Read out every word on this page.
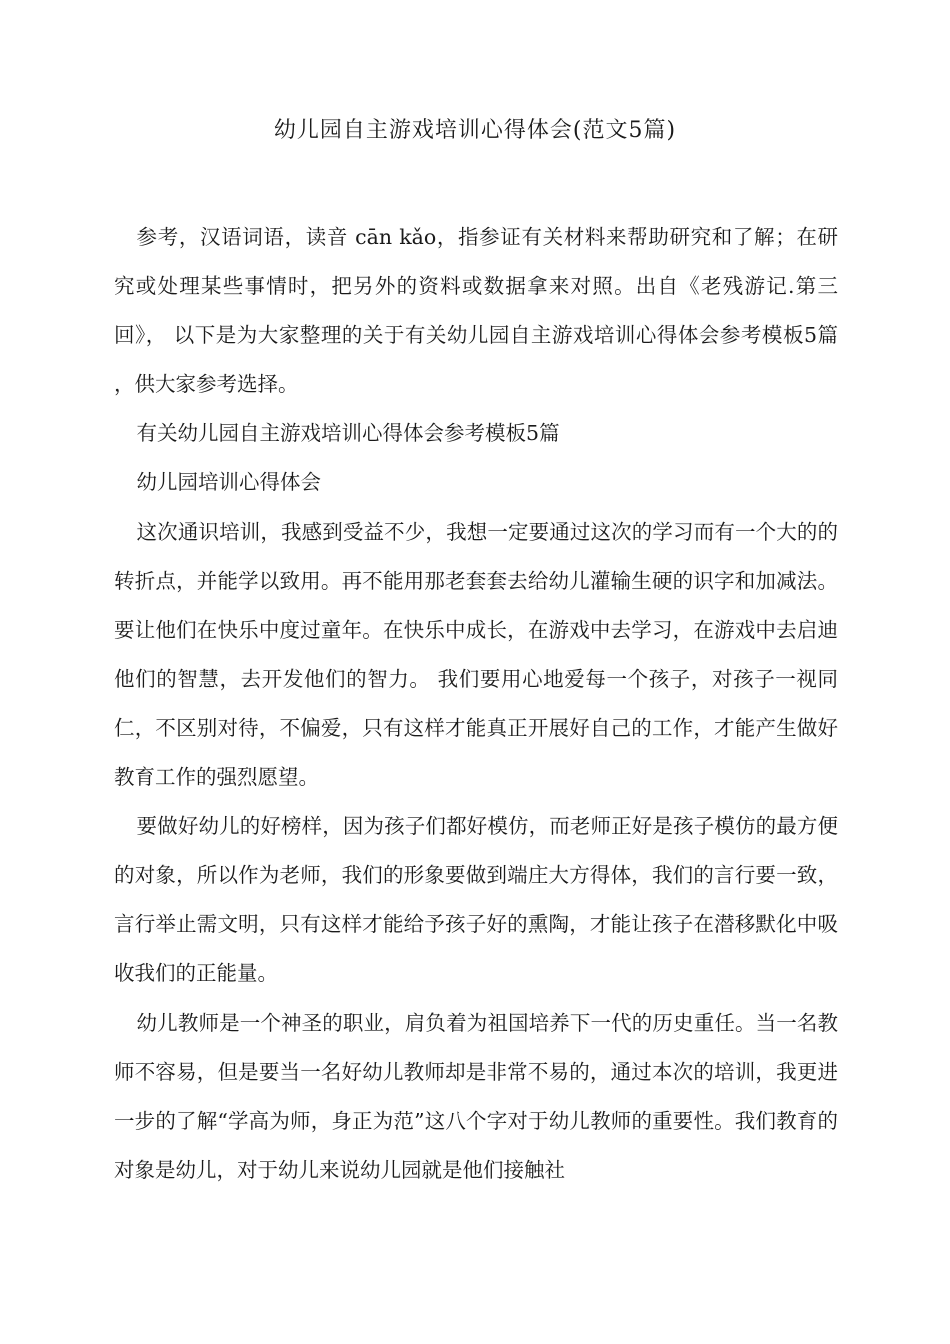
幼儿园自主游戏培训心得体会(范文5篇)

参考，汉语词语，读音 cān kǎo，指参证有关材料来帮助研究和了解；在研究或处理某些事情时，把另外的资料或数据拿来对照。出自《老残游记.第三回》， 以下是为大家整理的关于有关幼儿园自主游戏培训心得体会参考模板5篇 ，供大家参考选择。

有关幼儿园自主游戏培训心得体会参考模板5篇

幼儿园培训心得体会

这次通识培训，我感到受益不少，我想一定要通过这次的学习而有一个大的的转折点，并能学以致用。再不能用那老套套去给幼儿灌输生硬的识字和加减法。要让他们在快乐中度过童年。在快乐中成长，在游戏中去学习，在游戏中去启迪他们的智慧，去开发他们的智力。 我们要用心地爱每一个孩子，对孩子一视同仁，不区别对待，不偏爱，只有这样才能真正开展好自己的工作，才能产生做好教育工作的强烈愿望。

要做好幼儿的好榜样，因为孩子们都好模仿，而老师正好是孩子模仿的最方便的对象，所以作为老师，我们的形象要做到端庄大方得体，我们的言行要一致，言行举止需文明，只有这样才能给予孩子好的熏陶，才能让孩子在潜移默化中吸收我们的正能量。

幼儿教师是一个神圣的职业，肩负着为祖国培养下一代的历史重任。当一名教师不容易，但是要当一名好幼儿教师却是非常不易的，通过本次的培训，我更进一步的了解“学高为师，身正为范”这八个字对于幼儿教师的重要性。我们教育的对象是幼儿，对于幼儿来说幼儿园就是他们接触社
